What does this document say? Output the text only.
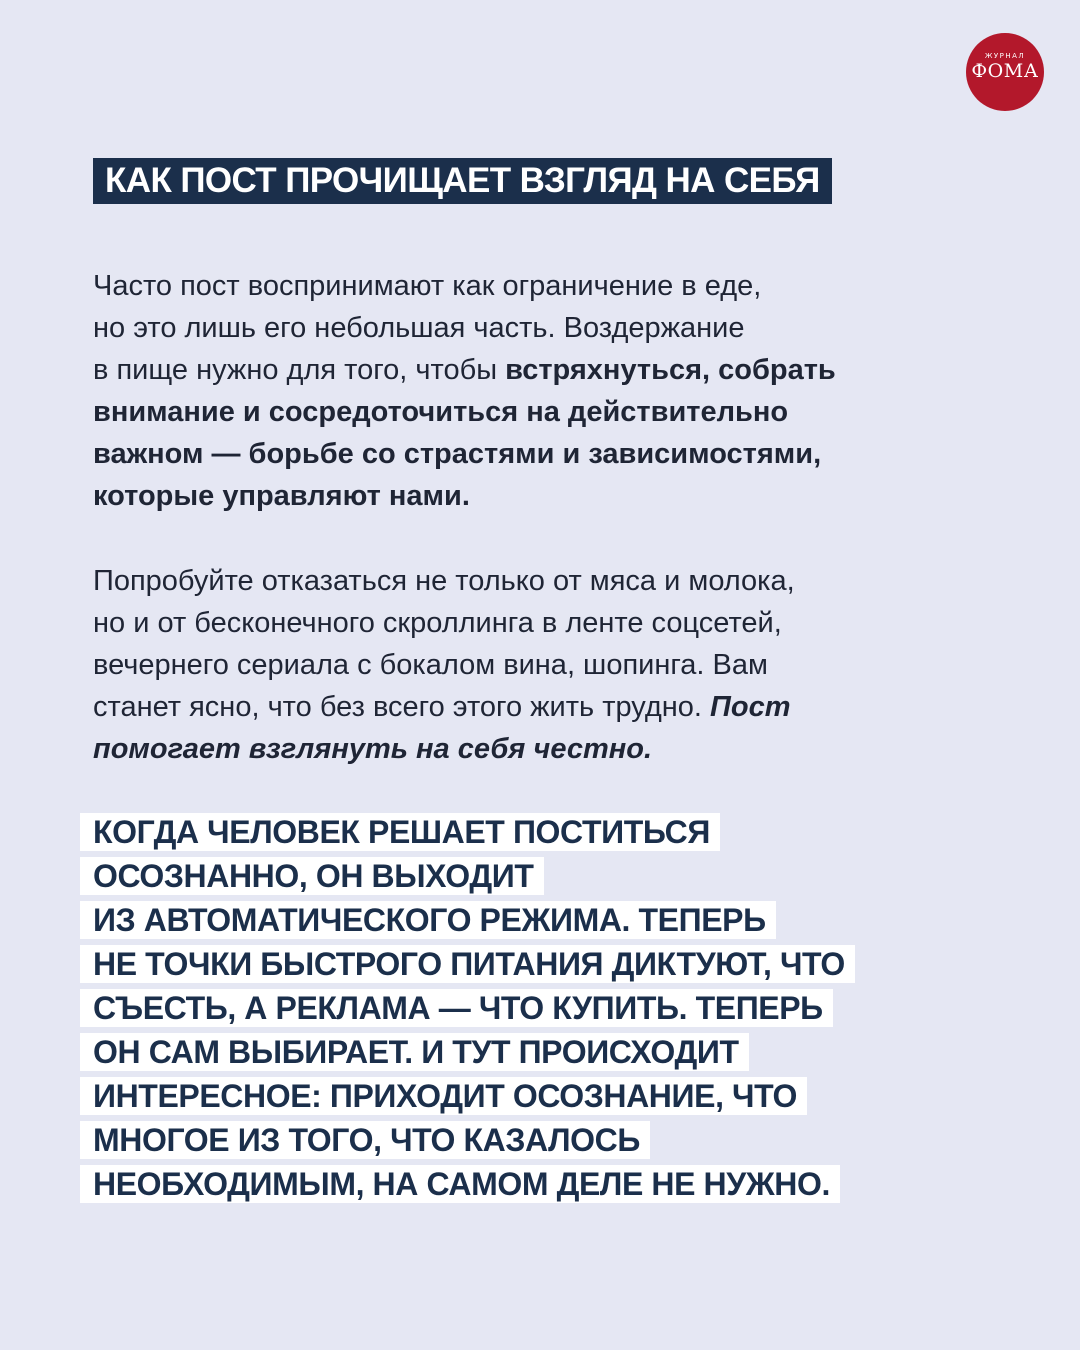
ЖУРНАЛ
ФОМА
КАК ПОСТ ПРОЧИЩАЕТ ВЗГЛЯД НА СЕБЯ
Часто пост воспринимают как ограничение в еде,
но это лишь его небольшая часть. Воздержание
в пище нужно для того, чтобы встряхнуться, собрать
внимание и сосредоточиться на действительно
важном — борьбе со страстями и зависимостями,
которые управляют нами.
Попробуйте отказаться не только от мяса и молока,
но и от бесконечного скроллинга в ленте соцсетей,
вечернего сериала с бокалом вина, шопинга. Вам
станет ясно, что без всего этого жить трудно. Пост
помогает взглянуть на себя честно.
КОГДА ЧЕЛОВЕК РЕШАЕТ ПОСТИТЬСЯ
ОСОЗНАННО, ОН ВЫХОДИТ
ИЗ АВТОМАТИЧЕСКОГО РЕЖИМА. ТЕПЕРЬ
НЕ ТОЧКИ БЫСТРОГО ПИТАНИЯ ДИКТУЮТ, ЧТО
СЪЕСТЬ, А РЕКЛАМА — ЧТО КУПИТЬ. ТЕПЕРЬ
ОН САМ ВЫБИРАЕТ. И ТУТ ПРОИСХОДИТ
ИНТЕРЕСНОЕ: ПРИХОДИТ ОСОЗНАНИЕ, ЧТО
МНОГОЕ ИЗ ТОГО, ЧТО КАЗАЛОСЬ
НЕОБХОДИМЫМ, НА САМОМ ДЕЛЕ НЕ НУЖНО.
